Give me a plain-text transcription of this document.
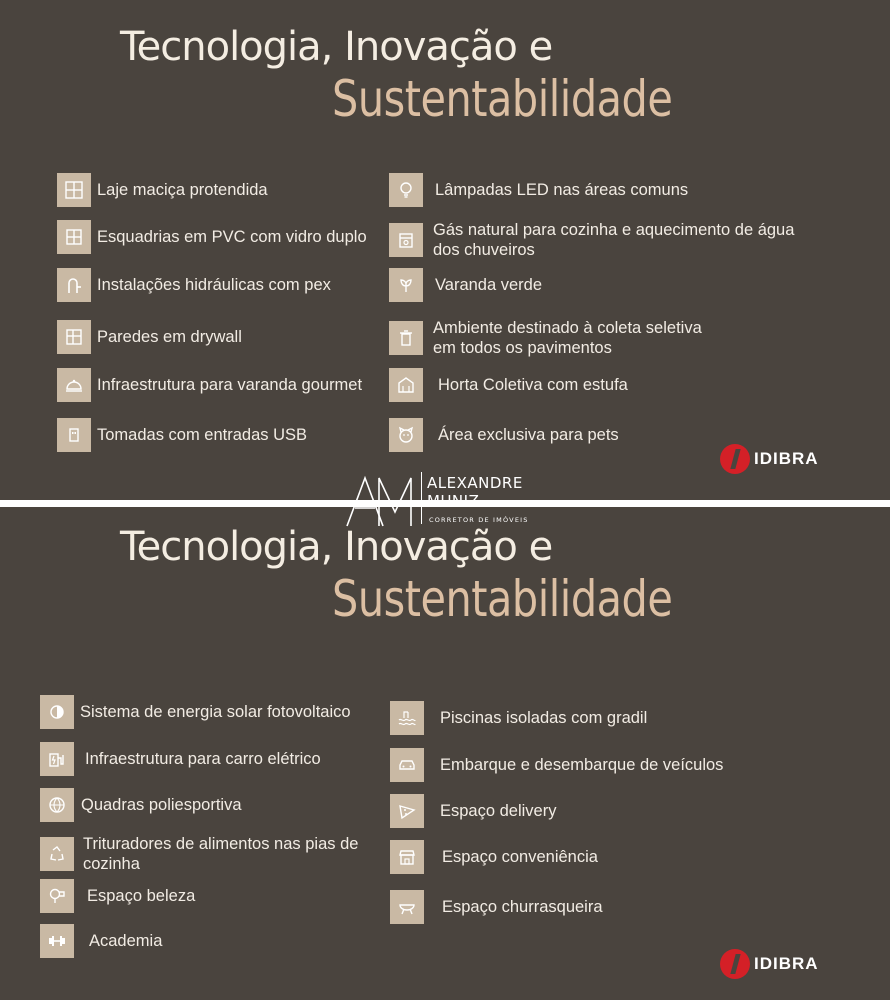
Tecnologia, Inovação e
Sustentabilidade
Laje maciça protendida
Esquadrias em PVC com vidro duplo
Instalações hidráulicas com pex
Paredes em drywall
Infraestrutura para varanda gourmet
Tomadas com entradas USB
Lâmpadas LED nas áreas comuns
Gás natural para cozinha e aquecimento de água dos chuveiros
Varanda verde
Ambiente destinado à coleta seletiva em todos os pavimentos
Horta Coletiva com estufa
Área exclusiva para pets
IDIBRA
Tecnologia, Inovação e
Sustentabilidade
Sistema de energia solar fotovoltaico
Infraestrutura para carro elétrico
Quadras poliesportiva
Trituradores de alimentos nas pias de cozinha
Espaço beleza
Academia
Piscinas isoladas com gradil
Embarque e desembarque de veículos
Espaço delivery
Espaço conveniência
Espaço churrasqueira
IDIBRA
ALEXANDRE
MUNIZ
CORRETOR DE IMÓVEIS
